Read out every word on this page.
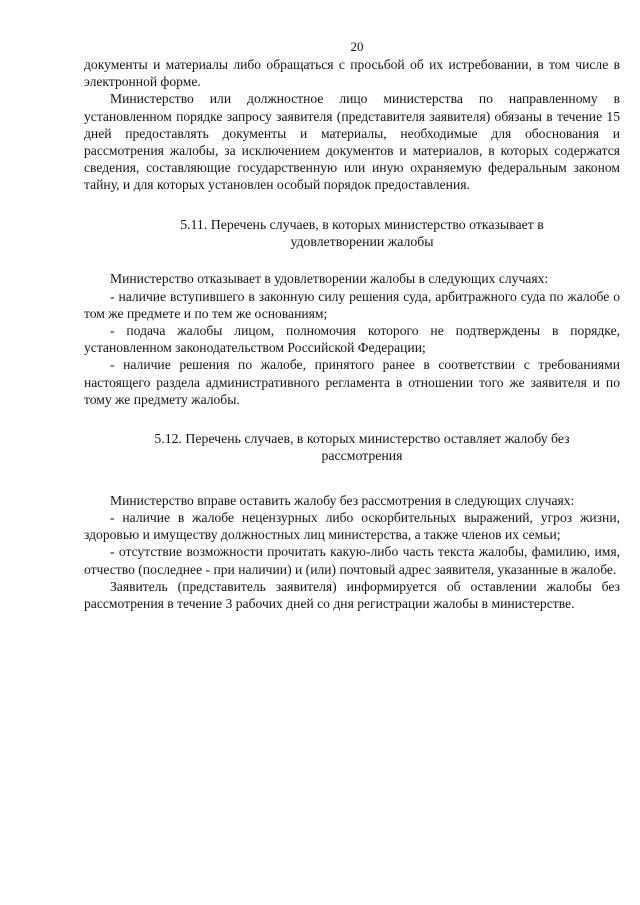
20

документы и материалы либо обращаться с просьбой об их истребовании, в том числе в электронной форме.

Министерство или должностное лицо министерства по направленному в установленном порядке запросу заявителя (представителя заявителя) обязаны в течение 15 дней предоставлять документы и материалы, необходимые для обоснования и рассмотрения жалобы, за исключением документов и материалов, в которых содержатся сведения, составляющие государственную или иную охраняемую федеральным законом тайну, и для которых установлен особый порядок предоставления.

5.11. Перечень случаев, в которых министерство отказывает в
удовлетворении жалобы

Министерство отказывает в удовлетворении жалобы в следующих случаях:

- наличие вступившего в законную силу решения суда, арбитражного суда по жалобе о том же предмете и по тем же основаниям;

- подача жалобы лицом, полномочия которого не подтверждены в порядке, установленном законодательством Российской Федерации;

- наличие решения по жалобе, принятого ранее в соответствии с требованиями настоящего раздела административного регламента в отношении того же заявителя и по тому же предмету жалобы.

5.12. Перечень случаев, в которых министерство оставляет жалобу без
рассмотрения

Министерство вправе оставить жалобу без рассмотрения в следующих случаях:

- наличие в жалобе нецензурных либо оскорбительных выражений, угроз жизни, здоровью и имуществу должностных лиц министерства, а также членов их семьи;

- отсутствие возможности прочитать какую-либо часть текста жалобы, фамилию, имя, отчество (последнее - при наличии) и (или) почтовый адрес заявителя, указанные в жалобе.

Заявитель (представитель заявителя) информируется об оставлении жалобы без рассмотрения в течение 3 рабочих дней со дня регистрации жалобы в министерстве.
